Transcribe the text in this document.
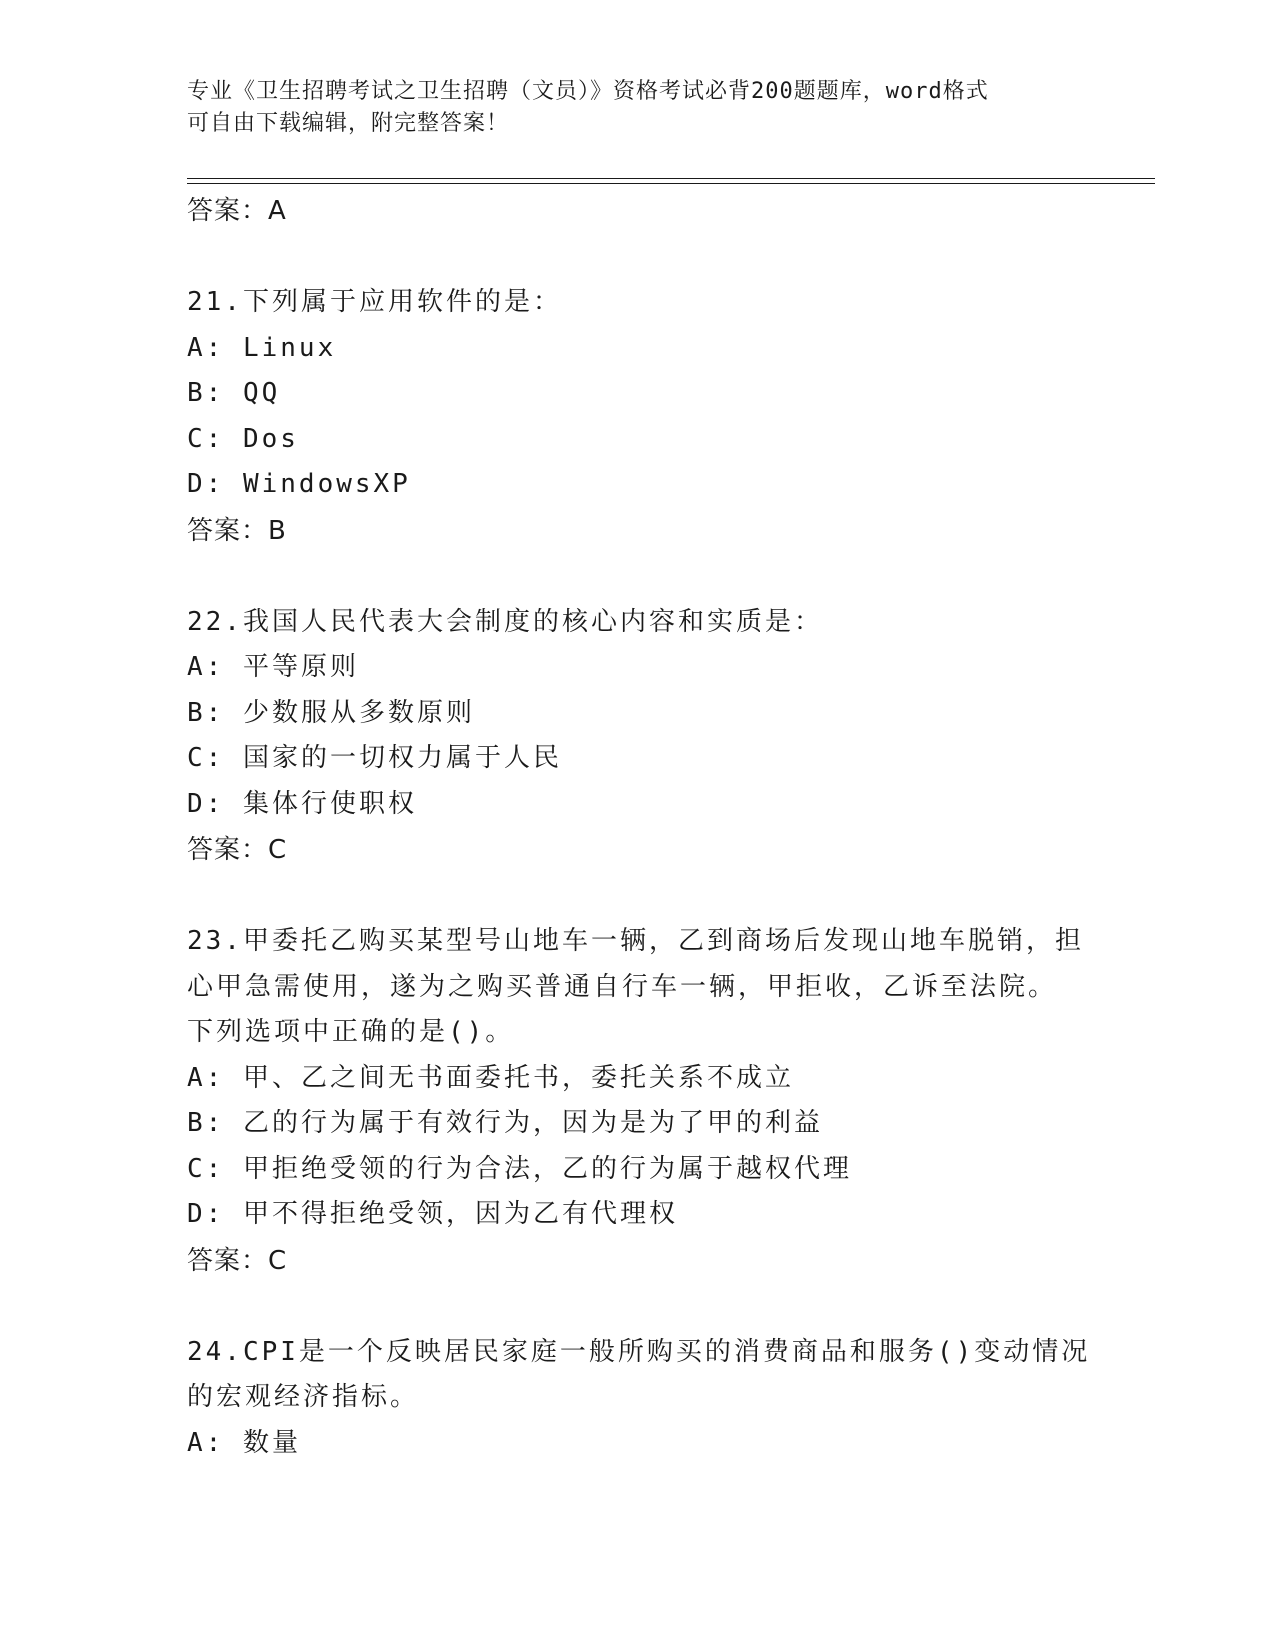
专业《卫生招聘考试之卫生招聘（文员）》资格考试必背200题题库，word格式
可自由下载编辑，附完整答案！
答案：A
21.下列属于应用软件的是：
A: Linux
B: QQ
C: Dos
D: WindowsXP
答案：B
22.我国人民代表大会制度的核心内容和实质是：
A: 平等原则
B: 少数服从多数原则
C: 国家的一切权力属于人民
D: 集体行使职权
答案：C
23.甲委托乙购买某型号山地车一辆，乙到商场后发现山地车脱销，担
心甲急需使用，遂为之购买普通自行车一辆，甲拒收，乙诉至法院。
下列选项中正确的是()。
A: 甲、乙之间无书面委托书，委托关系不成立
B: 乙的行为属于有效行为，因为是为了甲的利益
C: 甲拒绝受领的行为合法，乙的行为属于越权代理
D: 甲不得拒绝受领，因为乙有代理权
答案：C
24.CPI是一个反映居民家庭一般所购买的消费商品和服务()变动情况
的宏观经济指标。
A: 数量
